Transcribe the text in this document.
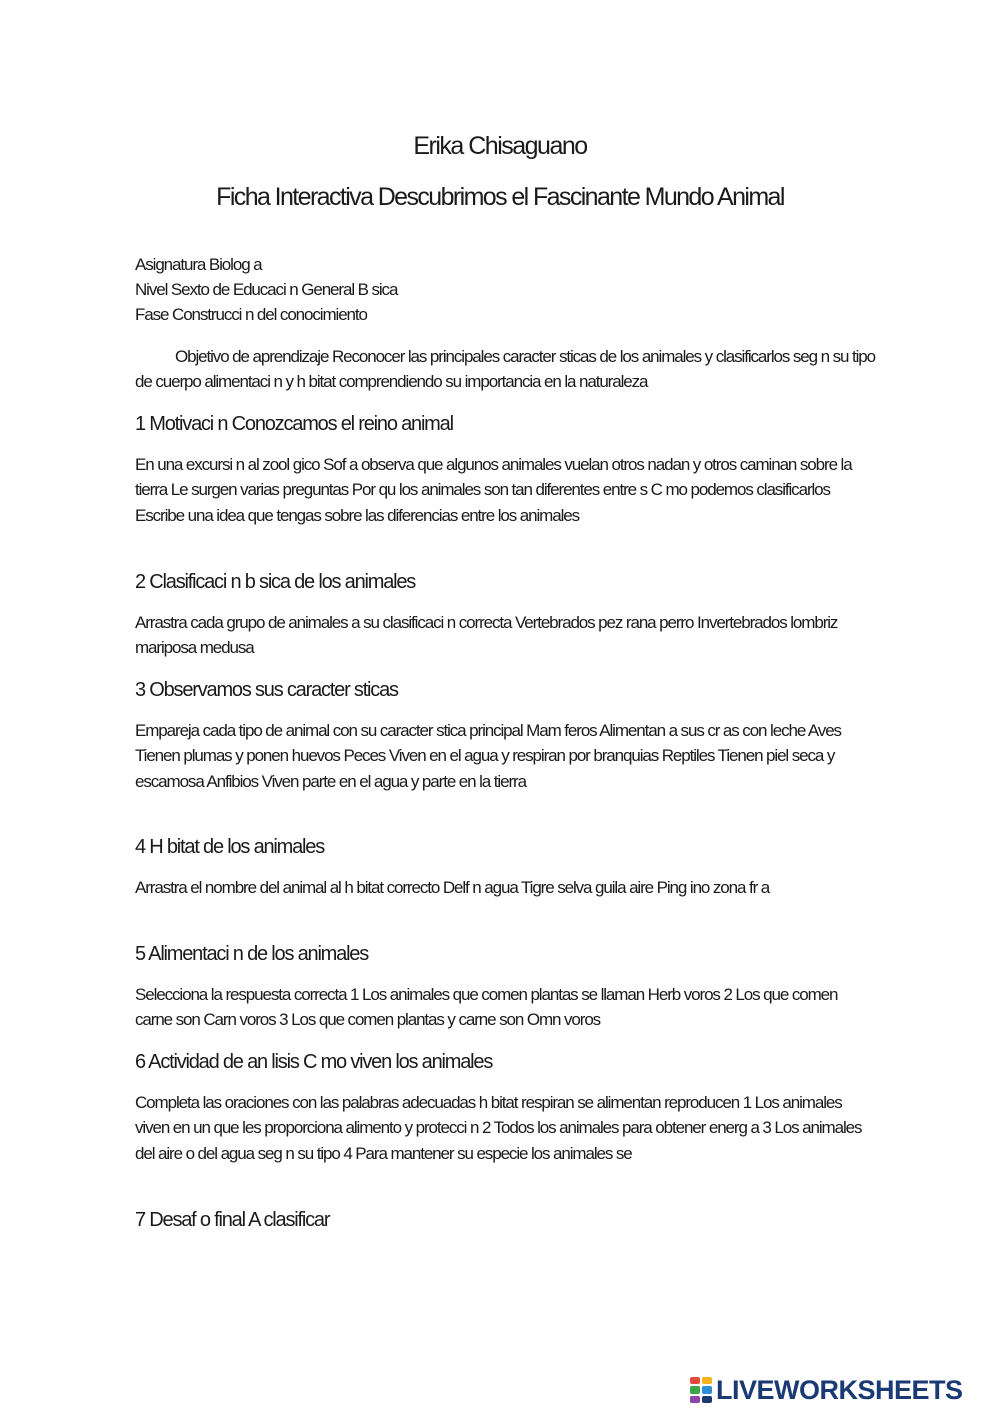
Erika Chisaguano
Ficha Interactiva Descubrimos el Fascinante Mundo Animal
Asignatura Biolog a
Nivel Sexto de Educaci n General B sica
Fase Construcci n del conocimiento

Objetivo de aprendizaje Reconocer las principales caracter sticas de los animales y clasificarlos seg n su tipo de cuerpo alimentaci n y h bitat comprendiendo su importancia en la naturaleza

1 Motivaci n Conozcamos el reino animal

En una excursi n al zool gico Sof a observa que algunos animales vuelan otros nadan y otros caminan sobre la tierra Le surgen varias preguntas Por qu los animales son tan diferentes entre s C mo podemos clasificarlos Escribe una idea que tengas sobre las diferencias entre los animales

2 Clasificaci n b sica de los animales

Arrastra cada grupo de animales a su clasificaci n correcta Vertebrados pez rana perro Invertebrados lombriz mariposa medusa

3 Observamos sus caracter sticas

Empareja cada tipo de animal con su caracter stica principal Mam feros Alimentan a sus cr as con leche Aves Tienen plumas y ponen huevos Peces Viven en el agua y respiran por branquias Reptiles Tienen piel seca y escamosa Anfibios Viven parte en el agua y parte en la tierra

4 H bitat de los animales

Arrastra el nombre del animal al h bitat correcto Delf n agua Tigre selva guila aire Ping ino zona fr a

5 Alimentaci n de los animales

Selecciona la respuesta correcta 1 Los animales que comen plantas se llaman Herb voros 2 Los que comen carne son Carn voros 3 Los que comen plantas y carne son Omn voros

6 Actividad de an lisis C mo viven los animales

Completa las oraciones con las palabras adecuadas h bitat respiran se alimentan reproducen 1 Los animales viven en un que les proporciona alimento y protecci n 2 Todos los animales para obtener energ a 3 Los animales del aire o del agua seg n su tipo 4 Para mantener su especie los animales se

7 Desaf o final A clasificar
LIVEWORKSHEETS
